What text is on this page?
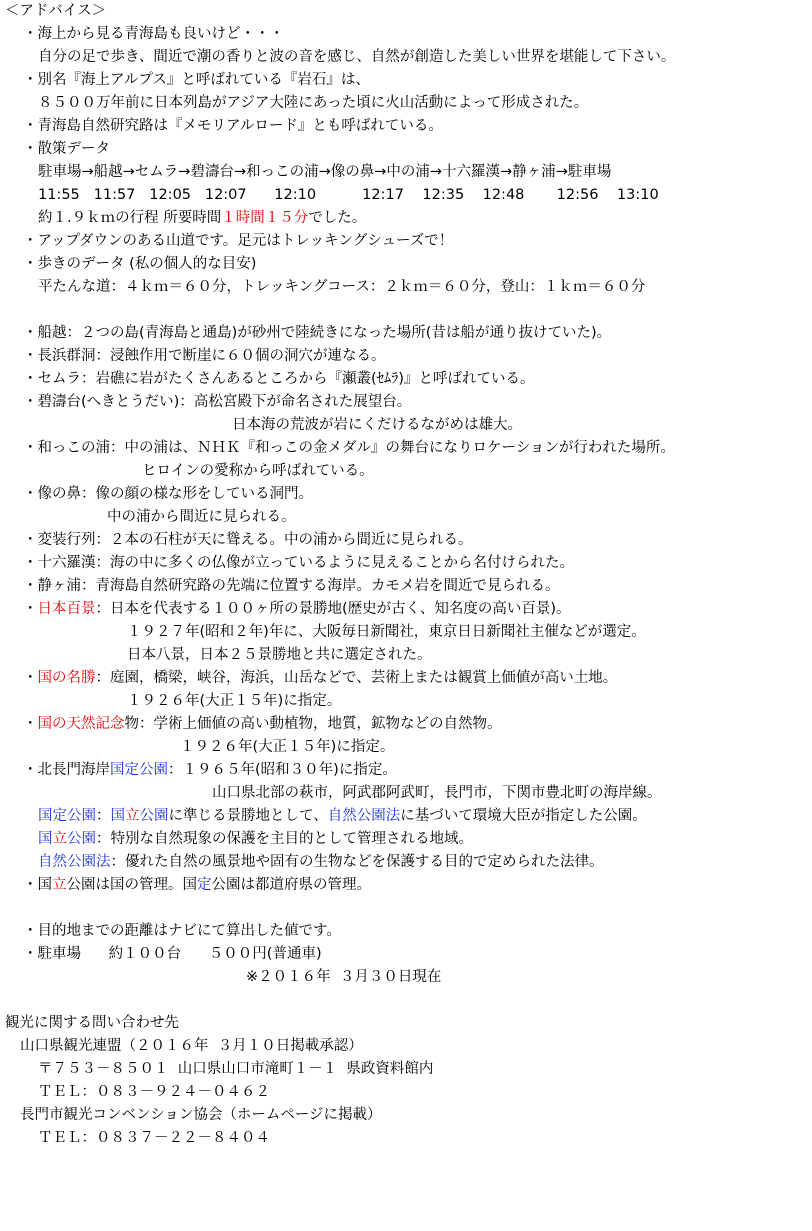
＜アドバイス＞
・海上から見る青海島も良いけど・・・
自分の足で歩き、間近で潮の香りと波の音を感じ、自然が創造した美しい世界を堪能して下さい。
・別名『海上アルプス』と呼ばれている『岩石』は、
８５００万年前に日本列島がアジア大陸にあった頃に火山活動によって形成された。
・青海島自然研究路は『メモリアルロード』とも呼ばれている。
・散策データ
駐車場→船越→セムラ→碧濤台→和っこの浦→像の鼻→中の浦→十六羅漢→静ヶ浦→駐車場
11:55   11:57   12:05   12:07      12:10          12:17    12:35    12:48       12:56    13:10
約１.９ｋｍの行程 所要時間１時間１５分でした。
・アップダウンのある山道です。足元はトレッキングシューズで！
・歩きのデータ (私の個人的な目安)
平たんな道：４ｋｍ＝６０分，トレッキングコース：２ｋｍ＝６０分，登山：１ｋｍ＝６０分
・船越：２つの島(青海島と通島)が砂州で陸続きになった場所(昔は船が通り抜けていた)。
・長浜群洞：浸蝕作用で断崖に６０個の洞穴が連なる。
・セムラ：岩礁に岩がたくさんあるところから『瀬叢(ｾﾑﾗ)』と呼ばれている。
・碧濤台(へきとうだい)：高松宮殿下が命名された展望台。
日本海の荒波が岩にくだけるながめは雄大。
・和っこの浦：中の浦は、ＮＨＫ『和っこの金メダル』の舞台になりロケーションが行われた場所。
ヒロインの愛称から呼ばれている。
・像の鼻：像の顔の様な形をしている洞門。
中の浦から間近に見られる。
・変装行列：２本の石柱が天に聳える。中の浦から間近に見られる。
・十六羅漢：海の中に多くの仏像が立っているように見えることから名付けられた。
・静ヶ浦：青海島自然研究路の先端に位置する海岸。カモメ岩を間近で見られる。
・日本百景：日本を代表する１００ヶ所の景勝地(歴史が古く、知名度の高い百景)。
１９２７年(昭和２年)年に、大阪毎日新聞社，東京日日新聞社主催などが選定。
日本八景，日本２５景勝地と共に選定された。
・国の名勝：庭園，橋梁，峡谷，海浜，山岳などで、芸術上または観賞上価値が高い土地。
１９２６年(大正１５年)に指定。
・国の天然記念物：学術上価値の高い動植物，地質，鉱物などの自然物。
１９２６年(大正１５年)に指定。
・北長門海岸国定公園：１９６５年(昭和３０年)に指定。
山口県北部の萩市，阿武郡阿武町，長門市，下関市豊北町の海岸線。
国定公園：国立公園に準じる景勝地として、自然公園法に基づいて環境大臣が指定した公園。
国立公園：特別な自然現象の保護を主目的として管理される地域。
自然公園法：優れた自然の風景地や固有の生物などを保護する目的で定められた法律。
・国立公園は国の管理。国定公園は都道府県の管理。
・目的地までの距離はナビにて算出した値です。
・駐車場      約１００台      ５００円(普通車)
※２０１６年  ３月３０日現在
観光に関する問い合わせ先
山口県観光連盟（２０１６年  ３月１０日掲載承認）
〒７５３－８５０１  山口県山口市滝町１－１  県政資料館内
ＴＥＬ：０８３－９２４－０４６２
長門市観光コンベンション協会（ホームページに掲載）
ＴＥＬ：０８３７－２２－８４０４
